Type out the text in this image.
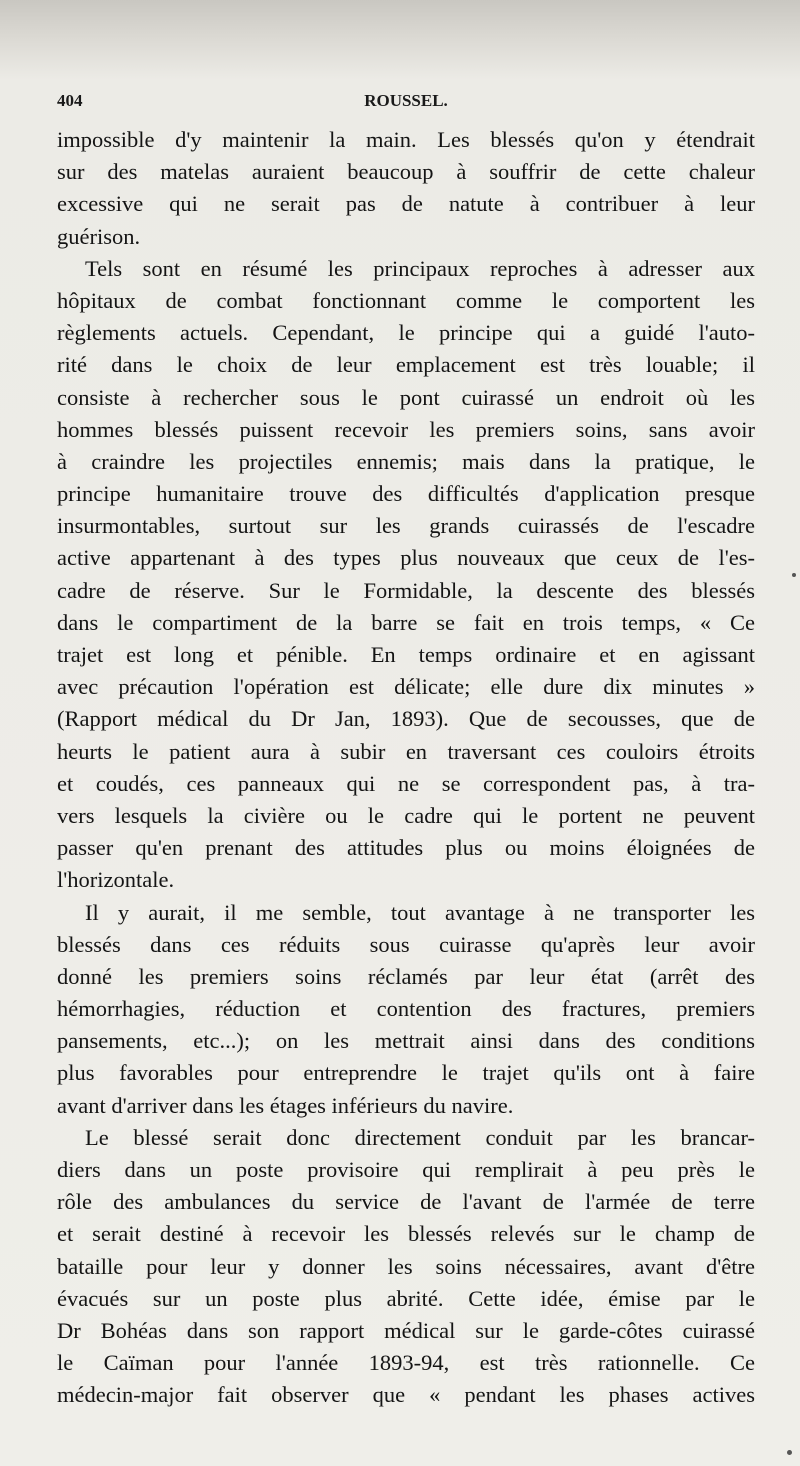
404	ROUSSEL.
impossible d'y maintenir la main. Les blessés qu'on y étendrait
sur des matelas auraient beaucoup à souffrir de cette chaleur
excessive qui ne serait pas de natute à contribuer à leur
guérison.
Tels sont en résumé les principaux reproches à adresser aux
hôpitaux de combat fonctionnant comme le comportent les
règlements actuels. Cependant, le principe qui a guidé l'auto-
rité dans le choix de leur emplacement est très louable; il
consiste à rechercher sous le pont cuirassé un endroit où les
hommes blessés puissent recevoir les premiers soins, sans avoir
à craindre les projectiles ennemis; mais dans la pratique, le
principe humanitaire trouve des difficultés d'application presque
insurmontables, surtout sur les grands cuirassés de l'escadre
active appartenant à des types plus nouveaux que ceux de l'es-
cadre de réserve. Sur le Formidable, la descente des blessés
dans le compartiment de la barre se fait en trois temps, « Ce
trajet est long et pénible. En temps ordinaire et en agissant
avec précaution l'opération est délicate; elle dure dix minutes »
(Rapport médical du Dr Jan, 1893). Que de secousses, que de
heurts le patient aura à subir en traversant ces couloirs étroits
et coudés, ces panneaux qui ne se correspondent pas, à tra-
vers lesquels la civière ou le cadre qui le portent ne peuvent
passer qu'en prenant des attitudes plus ou moins éloignées de
l'horizontale.
Il y aurait, il me semble, tout avantage à ne transporter les
blessés dans ces réduits sous cuirasse qu'après leur avoir
donné les premiers soins réclamés par leur état (arrêt des
hémorrhagies, réduction et contention des fractures, premiers
pansements, etc...); on les mettrait ainsi dans des conditions
plus favorables pour entreprendre le trajet qu'ils ont à faire
avant d'arriver dans les étages inférieurs du navire.
Le blessé serait donc directement conduit par les brancar-
diers dans un poste provisoire qui remplirait à peu près le
rôle des ambulances du service de l'avant de l'armée de terre
et serait destiné à recevoir les blessés relevés sur le champ de
bataille pour leur y donner les soins nécessaires, avant d'être
évacués sur un poste plus abrité. Cette idée, émise par le
Dr Bohéas dans son rapport médical sur le garde-côtes cuirassé
le Caïman pour l'année 1893-94, est très rationnelle. Ce
médecin-major fait observer que « pendant les phases actives
